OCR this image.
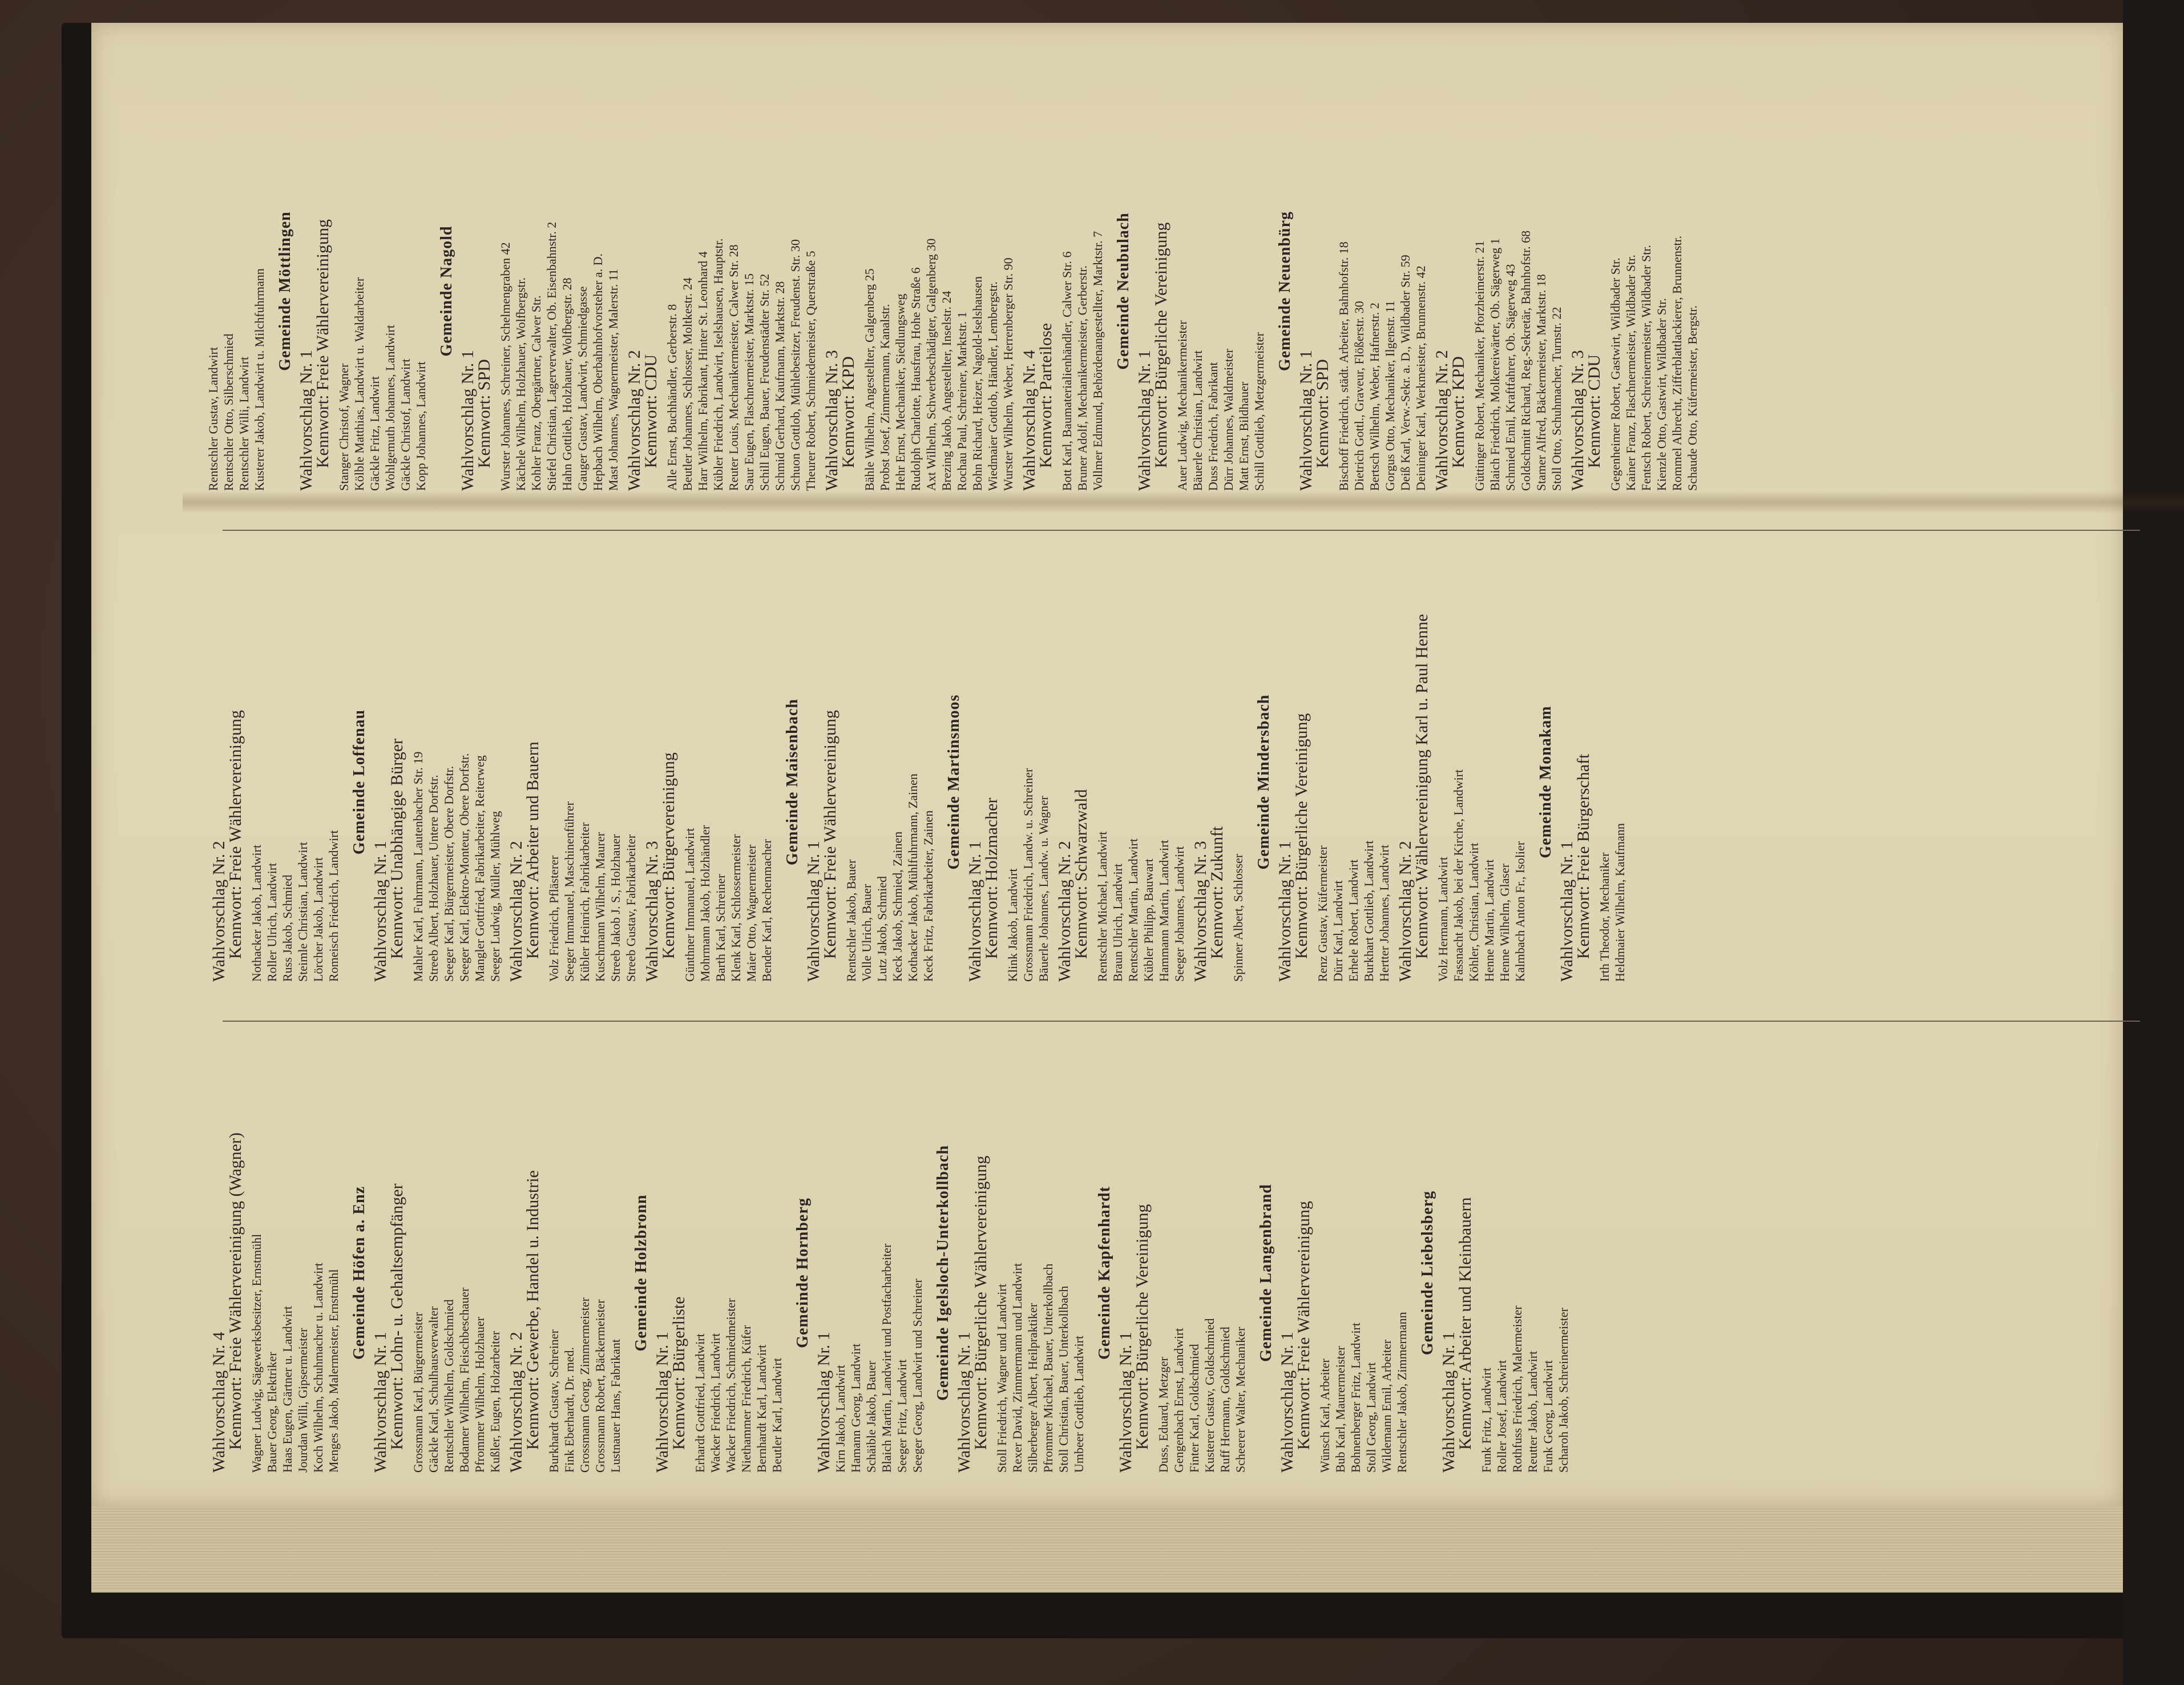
Wahlvorschlag Nr. 4
Kennwort: Freie Wählervereinigung (Wagner) Wagner Ludwig, Sägewerksbesitzer, Ernstmühl Bauer Georg, Elektriker Haas Eugen, Gärtner u. Landwirt Jourdan Willi, Gipsermeister Koch Wilhelm, Schuhmacher u. Landwirt Menges Jakob, Malermeister, Ernstmühl Gemeinde Höfen a. Enz
Wahlvorschlag Nr. 1
Kennwort: Lohn- u. Gehaltsempfänger Grossmann Karl, Bürgermeister Gäckle Karl, Schulhausverwalter Rentschler Wilhelm, Goldschmied Bodamer Wilhelm, Fleischbeschauer Pfrommer Wilhelm, Holzhauer Kußler, Eugen, Holzarbeiter Wahlvorschlag Nr. 2
Kennwort: Gewerbe, Handel u. Industrie Burkhardt Gustav, Schreiner Fink Eberhardt, Dr. med. Grossmann Georg, Zimmermeister Grossmann Robert, Bäckermeister Lustnauer Hans, Fabrikant
Gemeinde Holzbronn
Wahlvorschlag Nr. 1
Kennwort: Bürgerliste Erhardt Gottfried, Landwirt Wacker Friedrich, Landwirt Wacker Friedrich, Schmiedmeister Niethammer Friedrich, Küfer Bernhardt Karl, Landwirt Beutler Karl, Landwirt
Gemeinde Hornberg
Wahlvorschlag Nr. 1 Kirn Jakob, Landwirt Hamann Georg, Landwirt Schäible Jakob, Bauer Blaich Martin, Landwirt und Postfacharbeiter Seeger Fritz, Landwirt Seeger Georg, Landwirt und Schreiner Gemeinde Igelsloch-Unterkollbach
Wahlvorschlag Nr. 1
Kennwort: Bürgerliche Wählervereinigung Stoll Friedrich, Wagner und Landwirt Rexer David, Zimmermann und Landwirt Silberberger Albert, Heilpraktiker Pfrommer Michael, Bauer, Unterkollbach Stoll Christian, Bauer, Unterkollbach Umbeer Gottlieb, Landwirt
Gemeinde Kapfenhardt
Wahlvorschlag Nr. 1
Kennwort: Bürgerliche Vereinigung Duss, Eduard, Metzger Gengenbach Ernst, Landwirt Finter Karl, Goldschmied Kusterer Gustav, Goldschmied Ruff Hermann, Goldschmied Scheerer Walter, Mechaniker
Gemeinde Langenbrand
Wahlvorschlag Nr. 1
Kennwort: Freie Wählervereinigung Wünsch Karl, Arbeiter Bub Karl, Maurermeister Bohnenberger Fritz, Landwirt Stoll Georg, Landwirt Wildemann Emil, Arbeiter Rentschler Jakob, Zimmermann
Gemeinde Liebelsberg
Wahlvorschlag Nr. 1
Kennwort: Arbeiter und Kleinbauern Funk Fritz, Landwirt Roller Josef, Landwirt Rothfuss Friedrich, Malermeister Reutter Jakob, Landwirt Funk Georg, Landwirt Scharoh Jakob, Schreinermeister
Wahlvorschlag Nr. 2
Kennwort: Freie Wählervereinigung Nothacker Jakob, Landwirt Roller Ulrich, Landwirt Russ Jakob, Schmied Steimle Christian, Landwirt Lörcher Jakob, Landwirt Romeisch Friedrich, Landwirt
Gemeinde Loffenau
Wahlvorschlag Nr. 1
Kennwort: Unabhängige Bürger Mahler Karl, Fuhrmann, Lautenbacher Str. 19 Streeb Albert, Holzhauer, Untere Dorfstr. Seeger Karl, Bürgermeister, Obere Dorfstr. Seeger Karl, Elektro-Monteur, Obere Dorfstr. Mangler Gottfried, Fabrikarbeiter, Reiterweg Seeger Ludwig, Müller, Mühlweg Wahlvorschlag Nr. 2
Kennwort: Arbeiter und Bauern Volz Friedrich, Pflästerer Seeger Immanuel, Maschinenführer Kübler Heinrich, Fabrikarbeiter Kuschmann Wilhelm, Maurer Streeb Jakob J. S., Holzhauer Streeb Gustav, Fabrikarbeiter Wahlvorschlag Nr. 3
Kennwort: Bürgervereinigung Günthner Immanuel, Landwirt Mohrmann Jakob, Holzhändler Barth Karl, Schreiner Klenk Karl, Schlossermeister Maier Otto, Wagnermeister Bender Karl, Rechenmacher
Gemeinde Maisenbach
Wahlvorschlag Nr. 1
Kennwort: Freie Wählervereinigung Rentschler Jakob, Bauer Volle Ulrich, Bauer Lutz Jakob, Schmied Keck Jakob, Schmied, Zainen Kothacker Jakob, Mühlfuhrmann, Zainen Keck Fritz, Fabrikarbeiter, Zainen
Gemeinde Martinsmoos
Wahlvorschlag Nr. 1
Kennwort: Holzmacher Klink Jakob, Landwirt Grossmann Friedrich, Landw. u. Schreiner Bäuerle Johannes, Landw. u. Wagner Wahlvorschlag Nr. 2
Kennwort: Schwarzwald Rentschler Michael, Landwirt Braun Ulrich, Landwirt Rentschler Martin, Landwirt Kübler Philipp, Bauwart Hammann Martin, Landwirt Seeger Johannes, Landwirt Wahlvorschlag Nr. 3
Kennwort: Zukunft Spinner Albert, Schlosser
Gemeinde Mindersbach
Wahlvorschlag Nr. 1
Kennwort: Bürgerliche Vereinigung Renz Gustav, Küfermeister Dürr Karl, Landwirt Erhele Robert, Landwirt Burkhart Gottlieb, Landwirt Hertter Johannes, Landwirt Wahlvorschlag Nr. 2
Kennwort: Wählervereinigung Karl u. Paul Henne Volz Hermann, Landwirt Fassnacht Jakob, bei der Kirche, Landwirt Köhler, Christian, Landwirt Henne Martin, Landwirt Henne Wilhelm, Glaser Kalmbach Anton Fr., Isolier
Gemeinde Monakam
Wahlvorschlag Nr. 1
Kennwort: Freie Bürgerschaft Irth Theodor, Mechaniker Heldmaier Wilhelm, Kaufmann
Rentschler Gustav, Landwirt Rentschler Otto, Silberschmied Rentschler Willi, Landwirt Kusterer Jakob, Landwirt u. Milchfuhrmann Gemeinde Möttlingen
Wahlvorschlag Nr. 1
Kennwort: Freie Wählervereinigung Stanger Christof, Wagner Kölble Matthias, Landwirt u. Waldarbeiter Gäckle Fritz, Landwirt Wohlgemuth Johannes, Landwirt Gäckle Christof, Landwirt Kopp Johannes, Landwirt
Gemeinde Nagold
Wahlvorschlag Nr. 1
Kennwort: SPD Wurster Johannes, Schreiner, Schelmengraben 42 Kächele Wilhelm, Holzhauer, Wolfbergstr. Kohler Franz, Obergärtner, Calwer Str. Stiefel Christian, Lagerverwalter, Ob. Eisenbahnstr. 2 Hahn Gottlieb, Holzhauer, Wolfbergstr. 28 Gauger Gustav, Landwirt, Schmiedgasse Hepbach Wilhelm, Oberbahnhofvorsteher a. D. Mast Johannes, Wagnermeister, Malerstr. 11 Wahlvorschlag Nr. 2
Kennwort: CDU Alle Ernst, Buchhändler, Gerberstr. 8 Beutler Johannes, Schlosser, Moltkestr. 24 Harr Wilhelm, Fabrikant, Hinter St. Leonhard 4 Kübler Friedrich, Landwirt, Iselshausen, Hauptstr. Reuter Louis, Mechanikermeister, Calwer Str. 28 Saur Eugen, Flaschnermeister, Marktstr. 15 Schill Eugen, Bauer, Freudenstädter Str. 52 Schmid Gerhard, Kaufmann, Marktstr. 28 Schuon Gottlob, Mühlebesitzer, Freudenst. Str. 30 Theurer Robert, Schmiedemeister, Querstraße 5 Wahlvorschlag Nr. 3
Kennwort: KPD Bähle Wilhelm, Angestellter, Galgenberg 25 Probst Josef, Zimmermann, Kanalstr. Hehr Ernst, Mechaniker, Siedlungsweg Rudolph Charlotte, Hausfrau, Hohe Straße 6 Axt Wilhelm, Schwerbeschädigter, Galgenberg 30 Brezing Jakob, Angestellter, Inselstr. 24 Rochau Paul, Schreiner, Marktstr. 1 Bohn Richard, Heizer, Nagold-Iselshausen Wiedmaier Gottlob, Händler, Lembergstr. Wurster Wilhelm, Weber, Herrenberger Str. 90 Wahlvorschlag Nr. 4
Kennwort: Parteilose Bott Karl, Baumaterialienhändler, Calwer Str. 6 Bruner Adolf, Mechanikermeister, Gerberstr. Vollmer Edmund, Behördenangestellter, Marktstr. 7 Gemeinde Neubulach
Wahlvorschlag Nr. 1
Kennwort: Bürgerliche Vereinigung Auer Ludwig, Mechanikermeister Bäuerle Christian, Landwirt Duss Friedrich, Fabrikant Dürr Johannes, Waldmeister Matt Ernst, Bildhauer Schill Gottlieb, Metzgermeister
Gemeinde Neuenbürg
Wahlvorschlag Nr. 1
Kennwort: SPD Bischoff Friedrich, städt. Arbeiter, Bahnhofstr. 18 Dietrich Gottl., Graveur, Flößerstr. 30 Bertsch Wilhelm, Weber, Hafnerstr. 2 Gorgus Otto, Mechaniker, Ilgenstr. 11 Deiß Karl, Verw.-Sekr. a. D., Wildbader Str. 59 Deininger Karl, Werkmeister, Brunnenstr. 42 Wahlvorschlag Nr. 2
Kennwort: KPD Güttinger Robert, Mechaniker, Pforzheimerstr. 21 Blaich Friedrich, Molkereiwärter, Ob. Sägerweg 1 Schmied Emil, Kraftfahrer, Ob. Sägerweg 43 Goldschmitt Richard, Reg.-Sekretär, Bahnhofstr. 68 Stamer Alfred, Bäckermeister, Marktstr. 18 Stoll Otto, Schuhmacher, Turnstr. 22 Wahlvorschlag Nr. 3
Kennwort: CDU Gegenheimer Robert, Gastwirt, Wildbader Str. Kainer Franz, Flaschnermeister, Wildbader Str. Fentsch Robert, Schreinermeister, Wildbader Str. Kienzle Otto, Gastwirt, Wildbader Str. Rommel Albrecht, Zifferblattlackierer, Brunnenstr. Schaude Otto, Küfermeister, Bergstr.
